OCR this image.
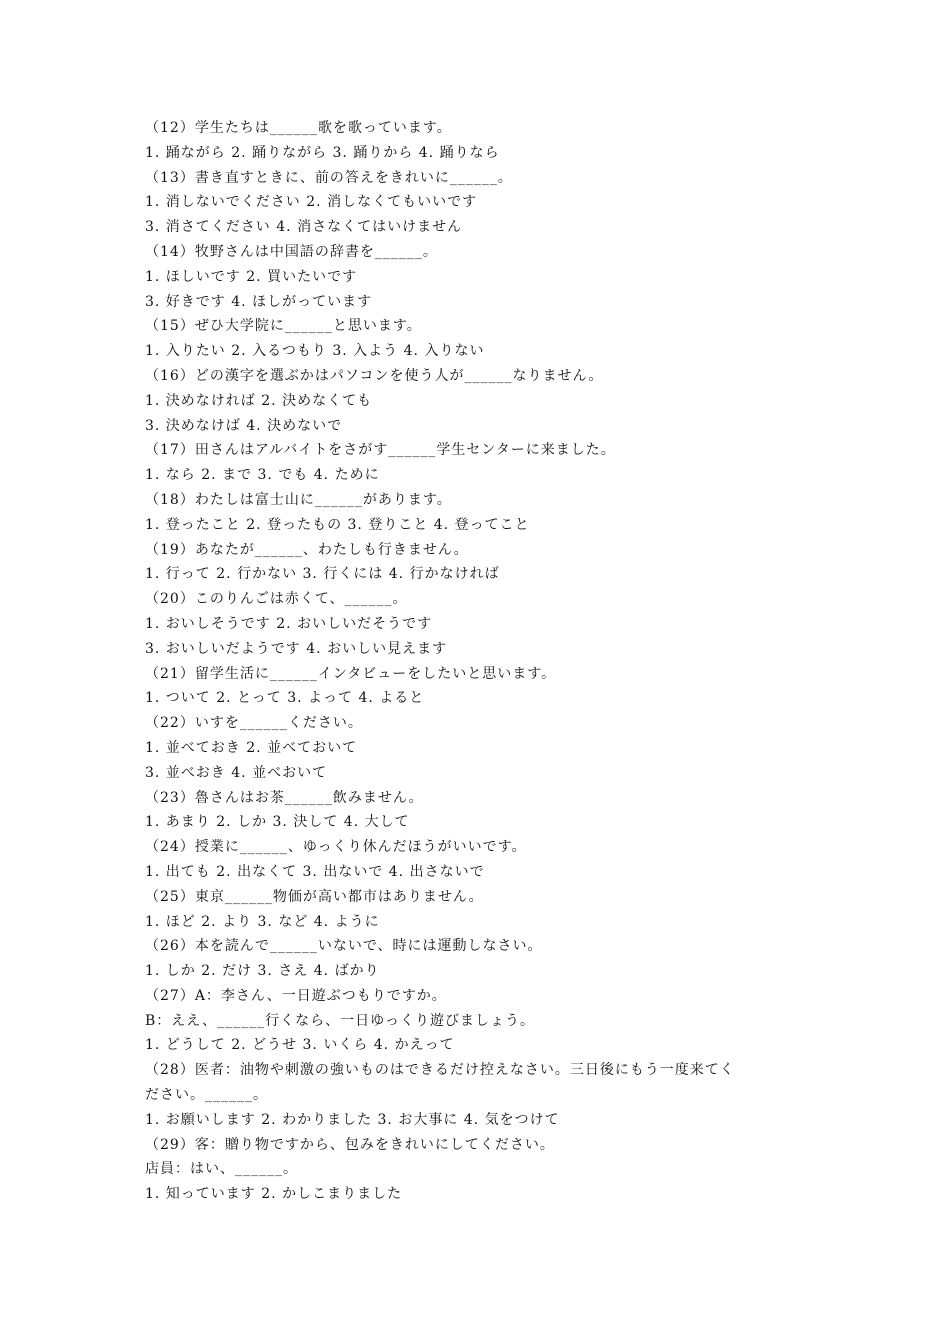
（12）学生たちは______歌を歌っています。
1. 踊ながら 2. 踊りながら 3. 踊りから 4. 踊りなら
（13）書き直すときに、前の答えをきれいに______。
1. 消しないでください 2. 消しなくてもいいです
3. 消さてください 4. 消さなくてはいけません
（14）牧野さんは中国語の辞書を______。
1. ほしいです 2. 買いたいです
3. 好きです 4. ほしがっています
（15）ぜひ大学院に______と思います。
1. 入りたい 2. 入るつもり 3. 入よう 4. 入りない
（16）どの漢字を選ぶかはパソコンを使う人が______なりません。
1. 決めなければ 2. 決めなくても
3. 決めなけば 4. 決めないで
（17）田さんはアルバイトをさがす______学生センターに来ました。
1. なら 2. まで 3. でも 4. ために
（18）わたしは富士山に______があります。
1. 登ったこと 2. 登ったもの 3. 登りこと 4. 登ってこと
（19）あなたが______、わたしも行きません。
1. 行って 2. 行かない 3. 行くには 4. 行かなければ
（20）このりんごは赤くて、______。
1. おいしそうです 2. おいしいだそうです
3. おいしいだようです 4. おいしい見えます
（21）留学生活に______インタビューをしたいと思います。
1. ついて 2. とって 3. よって 4. よると
（22）いすを______ください。
1. 並べておき 2. 並べておいて
3. 並べおき 4. 並べおいて
（23）魯さんはお茶______飲みません。
1. あまり 2. しか 3. 決して 4. 大して
（24）授業に______、ゆっくり休んだほうがいいです。
1. 出ても 2. 出なくて 3. 出ないで 4. 出さないで
（25）東京______物価が高い都市はありません。
1. ほど 2. より 3. など 4. ように
（26）本を読んで______いないで、時には運動しなさい。
1. しか 2. だけ 3. さえ 4. ばかり
（27）A：李さん、一日遊ぶつもりですか。
B：ええ、______行くなら、一日ゆっくり遊びましょう。
1. どうして 2. どうせ 3. いくら 4. かえって
（28）医者：油物や刺激の強いものはできるだけ控えなさい。三日後にもう一度来てく
ださい。______。
1. お願いします 2. わかりました 3. お大事に 4. 気をつけて
（29）客：贈り物ですから、包みをきれいにしてください。
店員：はい、______。
1. 知っています 2. かしこまりました
